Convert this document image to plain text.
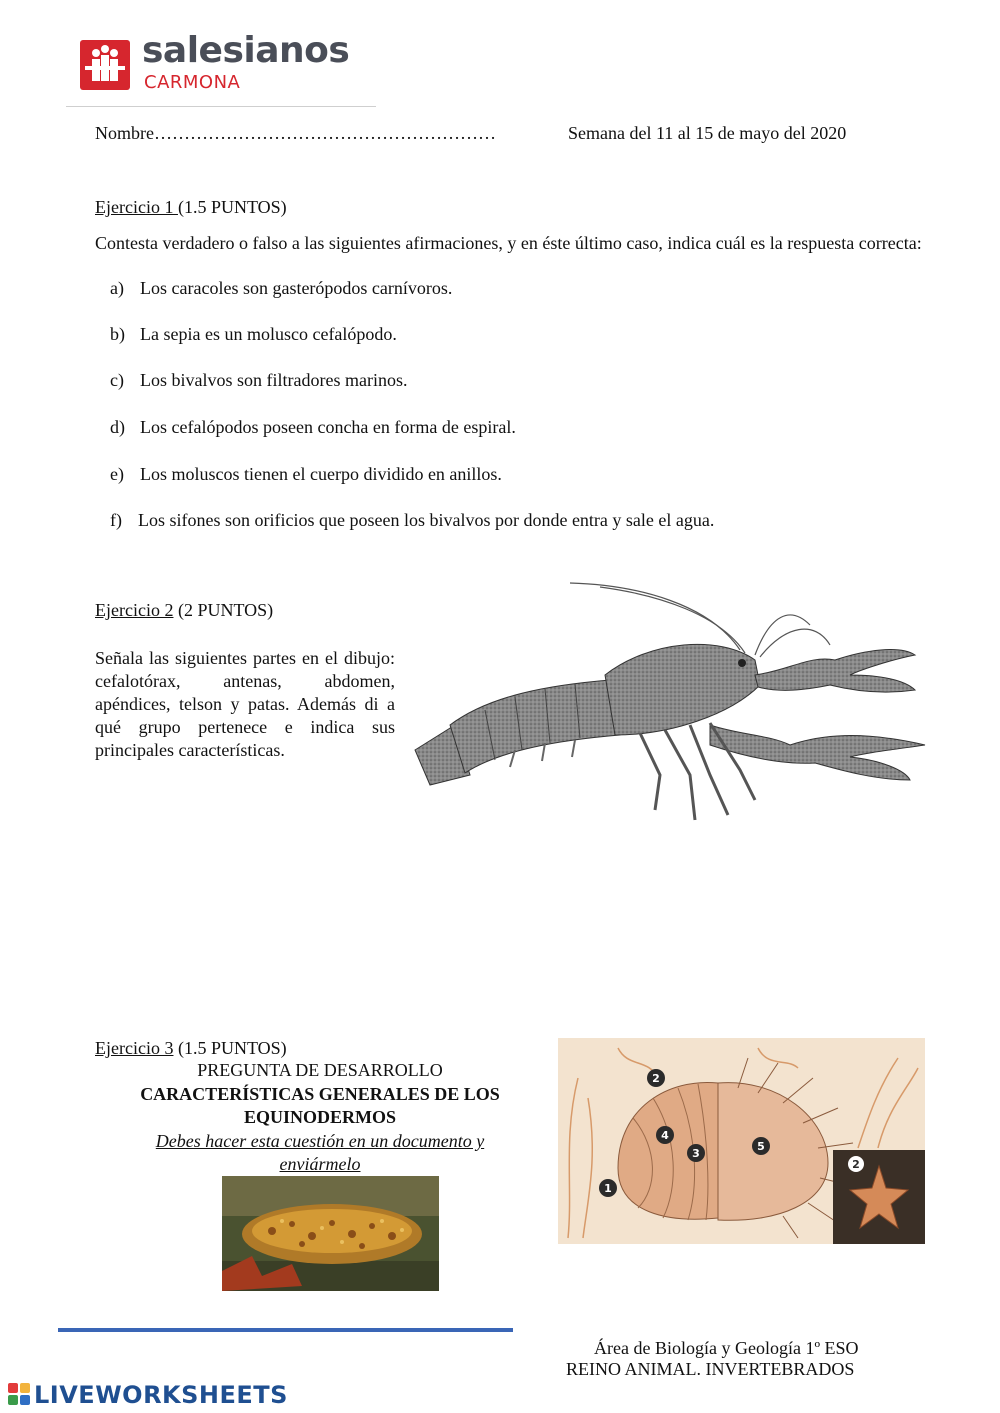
salesianos
CARMONA
Nombre…………………………………………………	Semana del 11 al 15 de mayo del 2020
Ejercicio 1 (1.5 PUNTOS)
Contesta verdadero o falso a las siguientes afirmaciones, y en éste último caso, indica cuál es la respuesta correcta:
a) Los caracoles son gasterópodos carnívoros.
b) La sepia es un molusco cefalópodo.
c) Los bivalvos son filtradores marinos.
d) Los cefalópodos poseen concha en forma de espiral.
e) Los moluscos tienen el cuerpo dividido en anillos.
f) Los sifones son orificios que poseen los bivalvos por donde entra y sale el agua.
Ejercicio 2 (2 PUNTOS)
Señala las siguientes partes en el dibujo: cefalotórax, antenas, abdomen, apéndices, telson y patas. Además di a qué grupo pertenece e indica sus principales características.
Ejercicio 3 (1.5 PUNTOS)
PREGUNTA DE DESARROLLO
CARACTERÍSTICAS GENERALES DE LOS EQUINODERMOS
Debes hacer esta cuestión en un documento y enviármelo
1
2
3
4
5
2
Área de Biología y Geología 1º ESO
REINO ANIMAL. INVERTEBRADOS
LIVEWORKSHEETS
